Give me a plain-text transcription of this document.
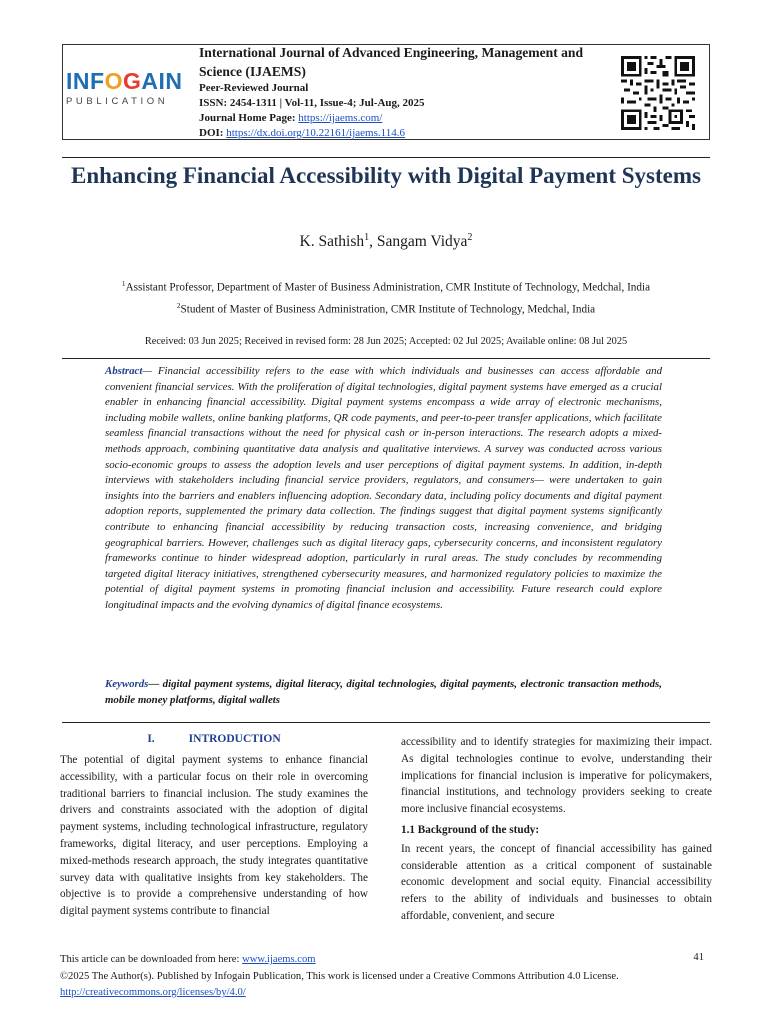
INFOGAIN
PUBLICATION
International Journal of Advanced Engineering, Management and Science (IJAEMS)
Peer-Reviewed Journal
ISSN: 2454-1311 | Vol-11, Issue-4; Jul-Aug, 2025
Journal Home Page: https://ijaems.com/
DOI: https://dx.doi.org/10.22161/ijaems.114.6
Enhancing Financial Accessibility with Digital Payment Systems
K. Sathish$^1$, Sangam Vidya$^2$
$^1$Assistant Professor, Department of Master of Business Administration, CMR Institute of Technology, Medchal, India
$^2$Student of Master of Business Administration, CMR Institute of Technology, Medchal, India
Received: 03 Jun 2025; Received in revised form: 28 Jun 2025; Accepted: 02 Jul 2025; Available online: 08 Jul 2025
Abstract— Financial accessibility refers to the ease with which individuals and businesses can access affordable and convenient financial services. With the proliferation of digital technologies, digital payment systems have emerged as a crucial enabler in enhancing financial accessibility. Digital payment systems encompass a wide array of electronic mechanisms, including mobile wallets, online banking platforms, QR code payments, and peer-to-peer transfer applications, which facilitate seamless financial transactions without the need for physical cash or in-person interactions. The research adopts a mixed-methods approach, combining quantitative data analysis and qualitative interviews. A survey was conducted across various socio-economic groups to assess the adoption levels and user perceptions of digital payment systems. In addition, in-depth interviews with stakeholders including financial service providers, regulators, and consumers— were undertaken to gain insights into the barriers and enablers influencing adoption. Secondary data, including policy documents and digital payment adoption reports, supplemented the primary data collection. The findings suggest that digital payment systems significantly contribute to enhancing financial accessibility by reducing transaction costs, increasing convenience, and bridging geographical barriers. However, challenges such as digital literacy gaps, cybersecurity concerns, and inconsistent regulatory frameworks continue to hinder widespread adoption, particularly in rural areas. The study concludes by recommending targeted digital literacy initiatives, strengthened cybersecurity measures, and harmonized regulatory policies to maximize the potential of digital payment systems in promoting financial inclusion and accessibility. Future research could explore longitudinal impacts and the evolving dynamics of digital finance ecosystems.
Keywords— digital payment systems, digital literacy, digital technologies, digital payments, electronic transaction methods, mobile money platforms, digital wallets
I.	INTRODUCTION

The potential of digital payment systems to enhance financial accessibility, with a particular focus on their role in overcoming traditional barriers to financial inclusion. The study examines the drivers and constraints associated with the adoption of digital payment systems, including technological infrastructure, regulatory frameworks, digital literacy, and user perceptions. Employing a mixed-methods research approach, the study integrates quantitative survey data with qualitative insights from key stakeholders. The objective is to provide a comprehensive understanding of how digital payment systems contribute to financial

accessibility and to identify strategies for maximizing their impact. As digital technologies continue to evolve, understanding their implications for financial inclusion is imperative for policymakers, financial institutions, and technology providers seeking to create more inclusive financial ecosystems.

1.1 Background of the study:

In recent years, the concept of financial accessibility has gained considerable attention as a critical component of sustainable economic development and social equity. Financial accessibility refers to the ability of individuals and businesses to obtain affordable, convenient, and secure

This article can be downloaded from here: www.ijaems.com
©2025 The Author(s). Published by Infogain Publication, This work is licensed under a Creative Commons Attribution 4.0 License. http://creativecommons.org/licenses/by/4.0/
41
